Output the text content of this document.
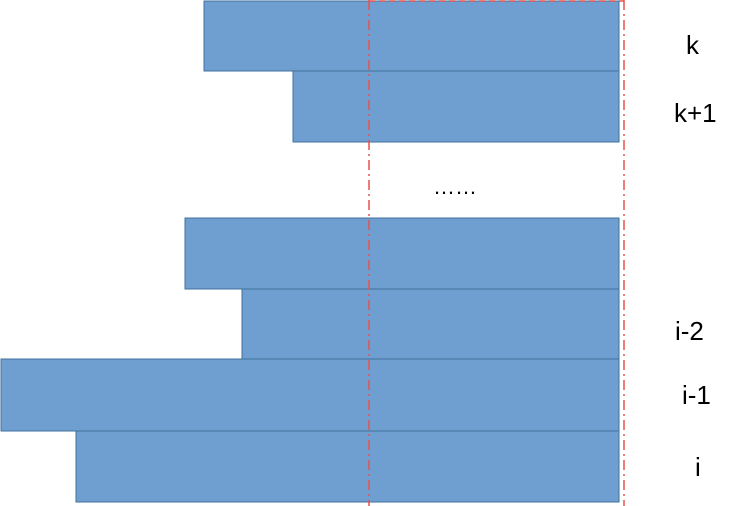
……
k
k+1
i-2
i-1
i
